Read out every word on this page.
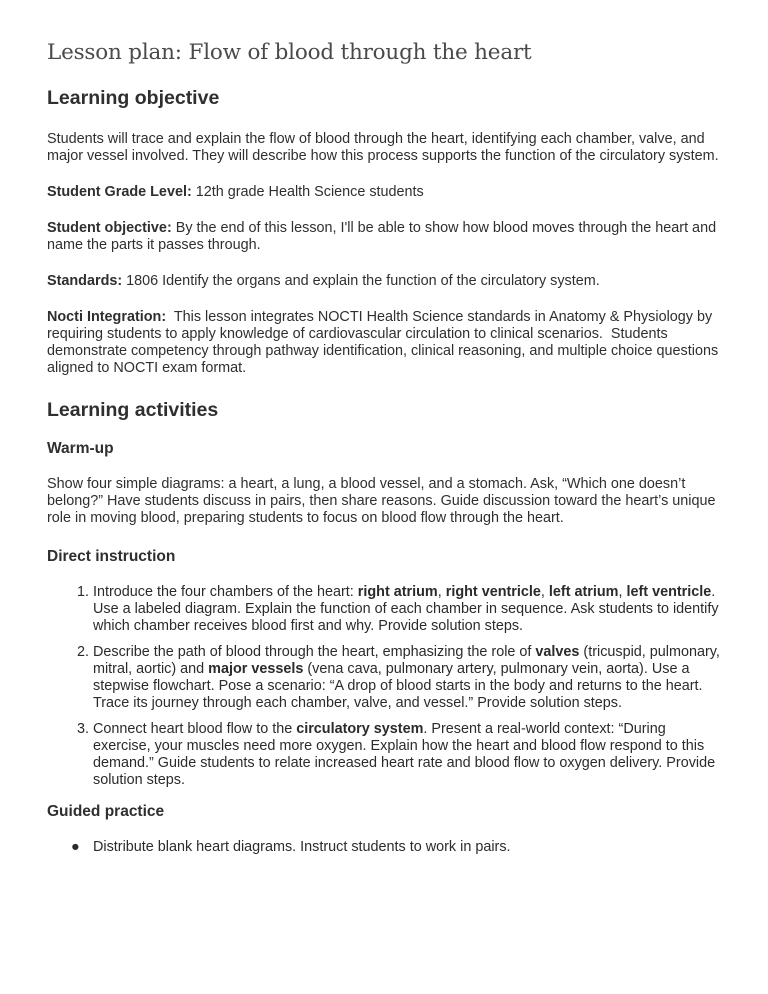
Lesson plan: Flow of blood through the heart
Learning objective

Students will trace and explain the flow of blood through the heart, identifying each chamber, valve, and major vessel involved. They will describe how this process supports the function of the circulatory system.

Student Grade Level: 12th grade Health Science students

Student objective: By the end of this lesson, I'll be able to show how blood moves through the heart and name the parts it passes through.

Standards: 1806 Identify the organs and explain the function of the circulatory system.

Nocti Integration:  This lesson integrates NOCTI Health Science standards in Anatomy & Physiology by requiring students to apply knowledge of cardiovascular circulation to clinical scenarios.  Students demonstrate competency through pathway identification, clinical reasoning, and multiple choice questions aligned to NOCTI exam format.

Learning activities
Warm-up

Show four simple diagrams: a heart, a lung, a blood vessel, and a stomach. Ask, “Which one doesn’t belong?” Have students discuss in pairs, then share reasons. Guide discussion toward the heart’s unique role in moving blood, preparing students to focus on blood flow through the heart.

Direct instruction
1. Introduce the four chambers of the heart: right atrium, right ventricle, left atrium, left ventricle. Use a labeled diagram. Explain the function of each chamber in sequence. Ask students to identify which chamber receives blood first and why. Provide solution steps.
2. Describe the path of blood through the heart, emphasizing the role of valves (tricuspid, pulmonary, mitral, aortic) and major vessels (vena cava, pulmonary artery, pulmonary vein, aorta). Use a stepwise flowchart. Pose a scenario: “A drop of blood starts in the body and returns to the heart. Trace its journey through each chamber, valve, and vessel.” Provide solution steps.
3. Connect heart blood flow to the circulatory system. Present a real-world context: “During exercise, your muscles need more oxygen. Explain how the heart and blood flow respond to this demand.” Guide students to relate increased heart rate and blood flow to oxygen delivery. Provide solution steps.
Guided practice
● Distribute blank heart diagrams. Instruct students to work in pairs.
